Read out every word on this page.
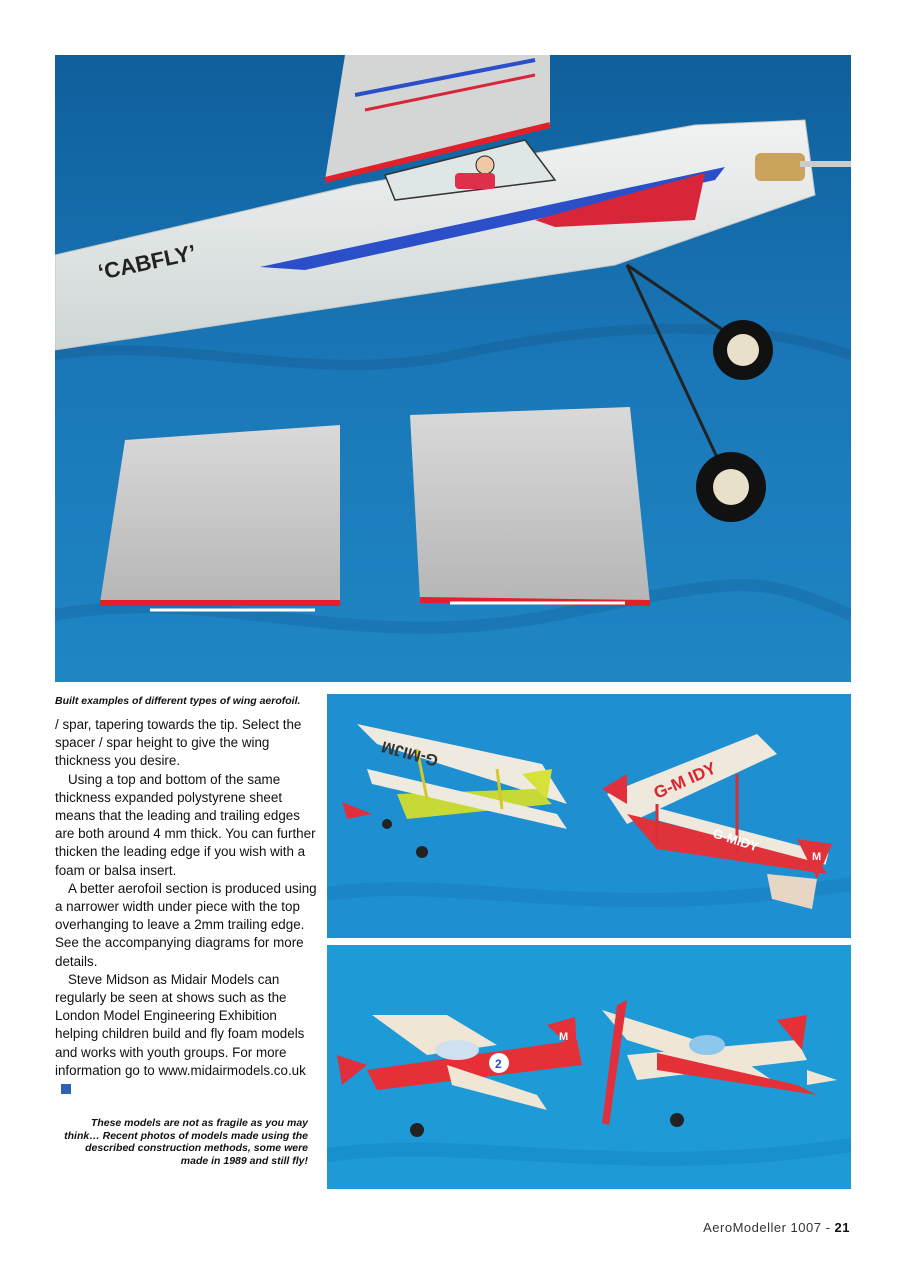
‘CABFLY’
Built examples of different types of wing aerofoil.

/ spar, tapering towards the tip. Select the spacer / spar height to give the wing thickness you desire.

Using a top and bottom of the same thickness expanded polystyrene sheet means that the leading and trailing edges are both around 4 mm thick. You can further thicken the leading edge if you wish with a foam or balsa insert.

A better aerofoil section is produced using a narrower width under piece with the top overhanging to leave a 2mm trailing edge. See the accompanying diagrams for more details.

Steve Midson as Midair Models can regularly be seen at shows such as the London Model Engineering Exhibition helping children build and fly foam models and works with youth groups. For more information go to www.midairmodels.co.uk

These models are not as fragile as you may think… Recent photos of models made using the described construction methods, some were made in 1989 and still fly!
G-MIJM
G-M IDY
G-MIDY
M
2
M
AeroModeller 1007 - 21
